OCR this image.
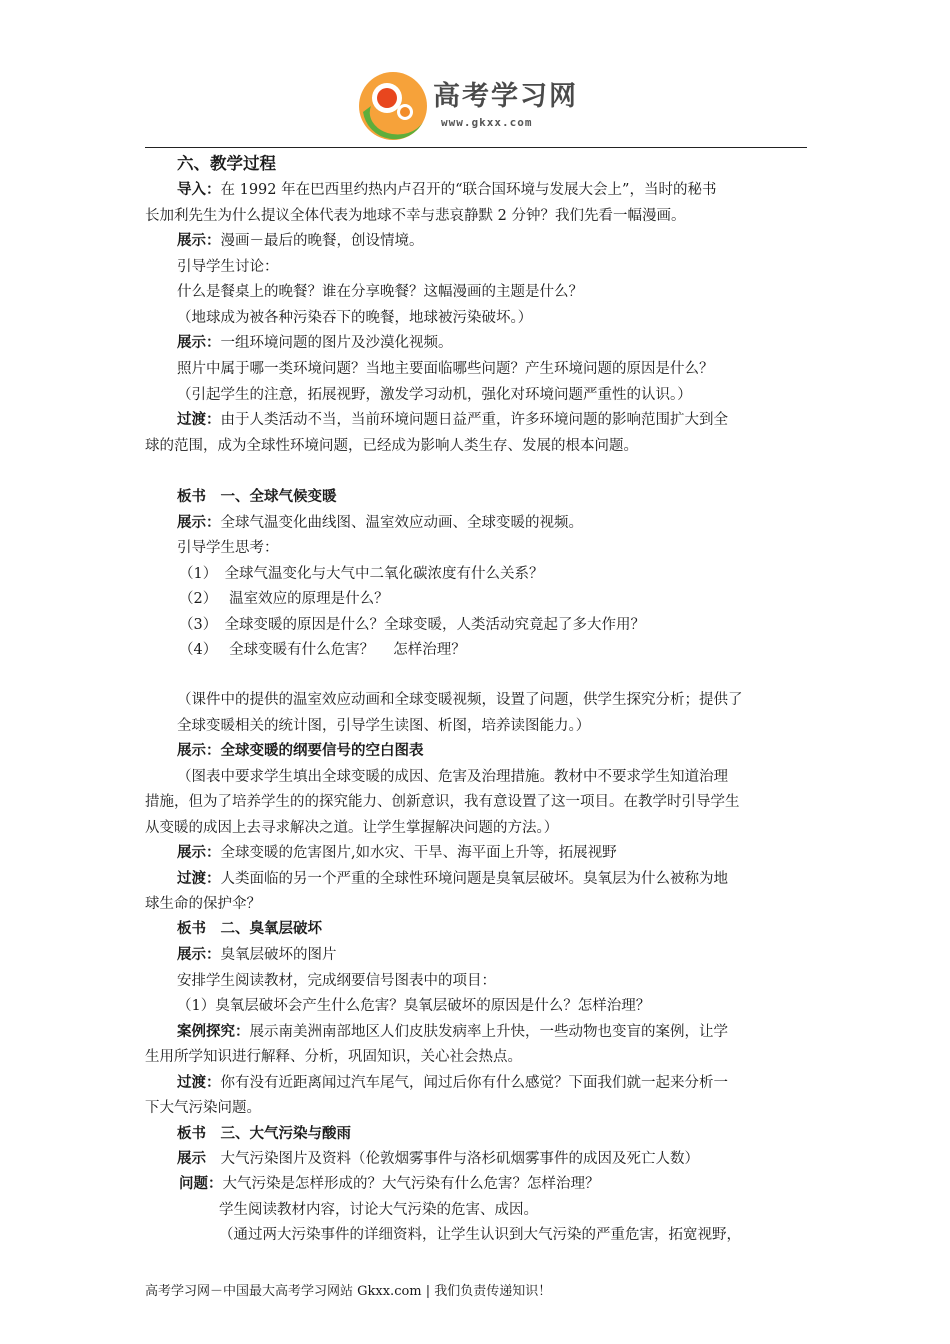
高考学习网
www.gkxx.com
六、教学过程
导入：在 1992 年在巴西里约热内卢召开的“联合国环境与发展大会上”，当时的秘书
长加利先生为什么提议全体代表为地球不幸与悲哀静默 2 分钟？我们先看一幅漫画。
展示：漫画－最后的晚餐，创设情境。
引导学生讨论：
什么是餐桌上的晚餐？谁在分享晚餐？这幅漫画的主题是什么？
（地球成为被各种污染吞下的晚餐，地球被污染破坏。）
展示：一组环境问题的图片及沙漠化视频。
照片中属于哪一类环境问题？当地主要面临哪些问题？产生环境问题的原因是什么？
（引起学生的注意，拓展视野，激发学习动机，强化对环境问题严重性的认识。）
过渡：由于人类活动不当，当前环境问题日益严重，许多环境问题的影响范围扩大到全
球的范围，成为全球性环境问题，已经成为影响人类生存、发展的根本问题。
板书　一、全球气候变暖
展示：全球气温变化曲线图、温室效应动画、全球变暖的视频。
引导学生思考：
（1）　全球气温变化与大气中二氧化碳浓度有什么关系？
（2）　 温室效应的原理是什么？
（3）　全球变暖的原因是什么？全球变暖，人类活动究竟起了多大作用？
（4）　 全球变暖有什么危害？　 怎样治理？
（课件中的提供的温室效应动画和全球变暖视频，设置了问题，供学生探究分析；提供了
全球变暖相关的统计图，引导学生读图、析图，培养读图能力。）
展示：全球变暖的纲要信号的空白图表
（图表中要求学生填出全球变暖的成因、危害及治理措施。教材中不要求学生知道治理
措施，但为了培养学生的的探究能力、创新意识，我有意设置了这一项目。在教学时引导学生
从变暖的成因上去寻求解决之道。让学生掌握解决问题的方法。）
展示：全球变暖的危害图片,如水灾、干旱、海平面上升等，拓展视野
过渡：人类面临的另一个严重的全球性环境问题是臭氧层破坏。臭氧层为什么被称为地
球生命的保护伞？
板书　二、臭氧层破坏
展示：臭氧层破坏的图片
安排学生阅读教材，完成纲要信号图表中的项目：
（1）臭氧层破坏会产生什么危害？臭氧层破坏的原因是什么？怎样治理？
案例探究：展示南美洲南部地区人们皮肤发病率上升快，一些动物也变盲的案例，让学
生用所学知识进行解释、分析，巩固知识，关心社会热点。
过渡：你有没有近距离闻过汽车尾气，闻过后你有什么感觉？下面我们就一起来分析一
下大气污染问题。
板书　三、大气污染与酸雨
展示　大气污染图片及资料（伦敦烟雾事件与洛杉矶烟雾事件的成因及死亡人数）
问题：大气污染是怎样形成的？大气污染有什么危害？怎样治理？
学生阅读教材内容，讨论大气污染的危害、成因。
（通过两大污染事件的详细资料，让学生认识到大气污染的严重危害，拓宽视野，
高考学习网－中国最大高考学习网站 Gkxx.com | 我们负责传递知识！
